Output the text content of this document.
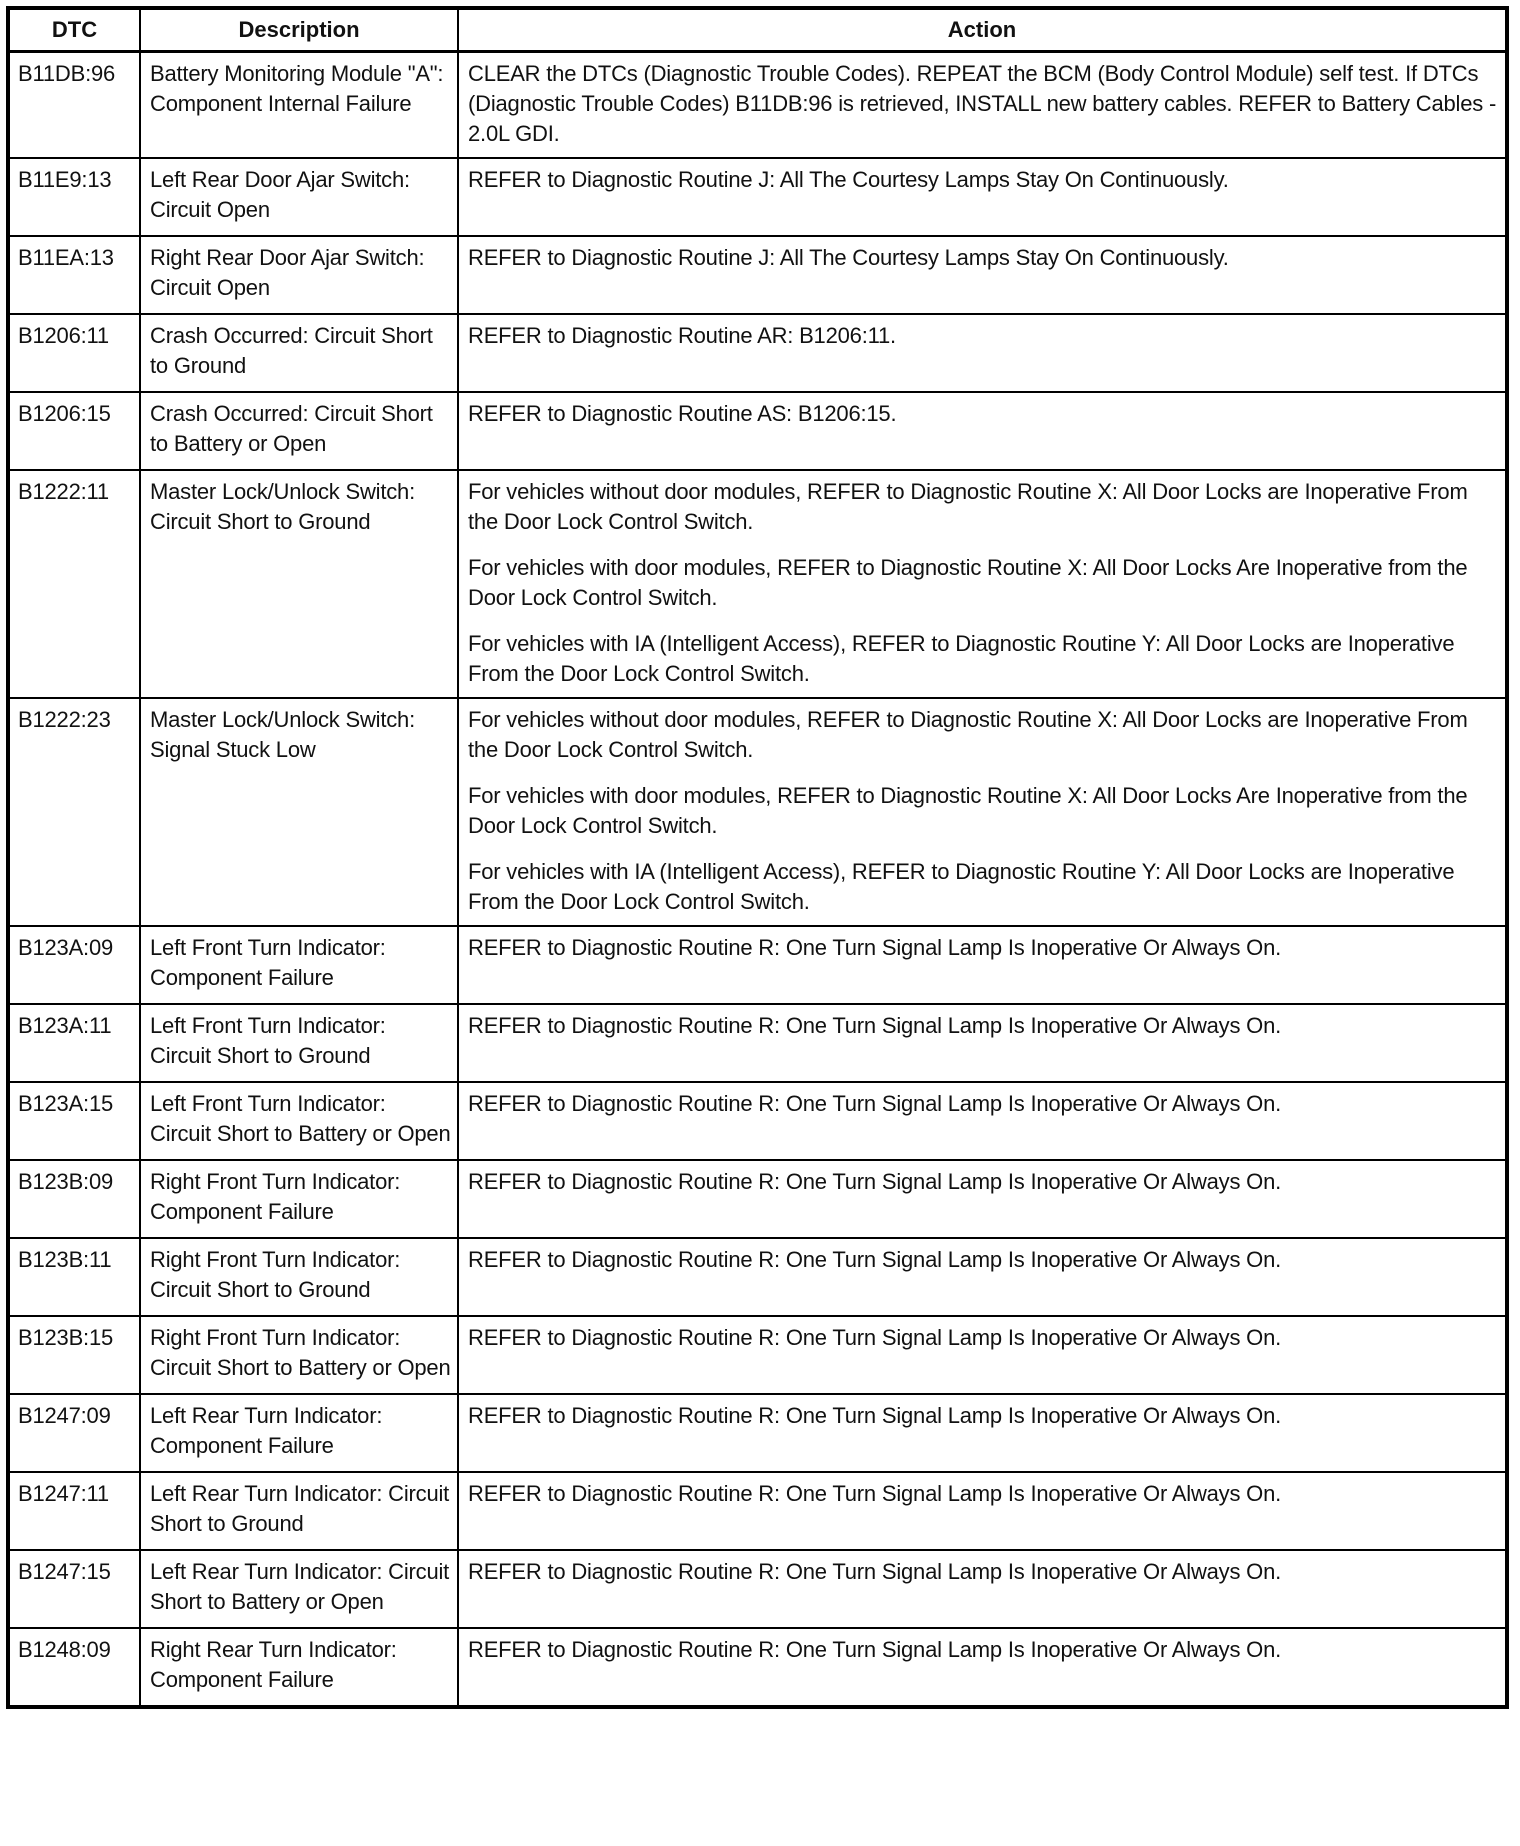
DTC	Description	Action
B11DB:96	Battery Monitoring Module "A": Component Internal Failure	CLEAR the DTCs (Diagnostic Trouble Codes). REPEAT the BCM (Body Control Module) self test. If DTCs (Diagnostic Trouble Codes) B11DB:96 is retrieved, INSTALL new battery cables. REFER to Battery Cables - 2.0L GDI.

B11E9:13	Left Rear Door Ajar Switch: Circuit Open	REFER to Diagnostic Routine J: All The Courtesy Lamps Stay On Continuously.

B11EA:13	Right Rear Door Ajar Switch: Circuit Open	REFER to Diagnostic Routine J: All The Courtesy Lamps Stay On Continuously.

B1206:11	Crash Occurred: Circuit Short to Ground	REFER to Diagnostic Routine AR: B1206:11.

B1206:15	Crash Occurred: Circuit Short to Battery or Open	REFER to Diagnostic Routine AS: B1206:15.

B1222:11	Master Lock/Unlock Switch: Circuit Short to Ground	For vehicles without door modules, REFER to Diagnostic Routine X: All Door Locks are Inoperative From the Door Lock Control Switch.

For vehicles with door modules, REFER to Diagnostic Routine X: All Door Locks Are Inoperative from the Door Lock Control Switch.

For vehicles with IA (Intelligent Access), REFER to Diagnostic Routine Y: All Door Locks are Inoperative From the Door Lock Control Switch.

B1222:23	Master Lock/Unlock Switch: Signal Stuck Low	For vehicles without door modules, REFER to Diagnostic Routine X: All Door Locks are Inoperative From the Door Lock Control Switch.

For vehicles with door modules, REFER to Diagnostic Routine X: All Door Locks Are Inoperative from the Door Lock Control Switch.

For vehicles with IA (Intelligent Access), REFER to Diagnostic Routine Y: All Door Locks are Inoperative From the Door Lock Control Switch.

B123A:09	Left Front Turn Indicator: Component Failure	REFER to Diagnostic Routine R: One Turn Signal Lamp Is Inoperative Or Always On.

B123A:11	Left Front Turn Indicator: Circuit Short to Ground	REFER to Diagnostic Routine R: One Turn Signal Lamp Is Inoperative Or Always On.

B123A:15	Left Front Turn Indicator: Circuit Short to Battery or Open	REFER to Diagnostic Routine R: One Turn Signal Lamp Is Inoperative Or Always On.

B123B:09	Right Front Turn Indicator: Component Failure	REFER to Diagnostic Routine R: One Turn Signal Lamp Is Inoperative Or Always On.

B123B:11	Right Front Turn Indicator: Circuit Short to Ground	REFER to Diagnostic Routine R: One Turn Signal Lamp Is Inoperative Or Always On.

B123B:15	Right Front Turn Indicator: Circuit Short to Battery or Open	REFER to Diagnostic Routine R: One Turn Signal Lamp Is Inoperative Or Always On.

B1247:09	Left Rear Turn Indicator: Component Failure	REFER to Diagnostic Routine R: One Turn Signal Lamp Is Inoperative Or Always On.

B1247:11	Left Rear Turn Indicator: Circuit Short to Ground	REFER to Diagnostic Routine R: One Turn Signal Lamp Is Inoperative Or Always On.

B1247:15	Left Rear Turn Indicator: Circuit Short to Battery or Open	REFER to Diagnostic Routine R: One Turn Signal Lamp Is Inoperative Or Always On.

B1248:09	Right Rear Turn Indicator: Component Failure	REFER to Diagnostic Routine R: One Turn Signal Lamp Is Inoperative Or Always On.
